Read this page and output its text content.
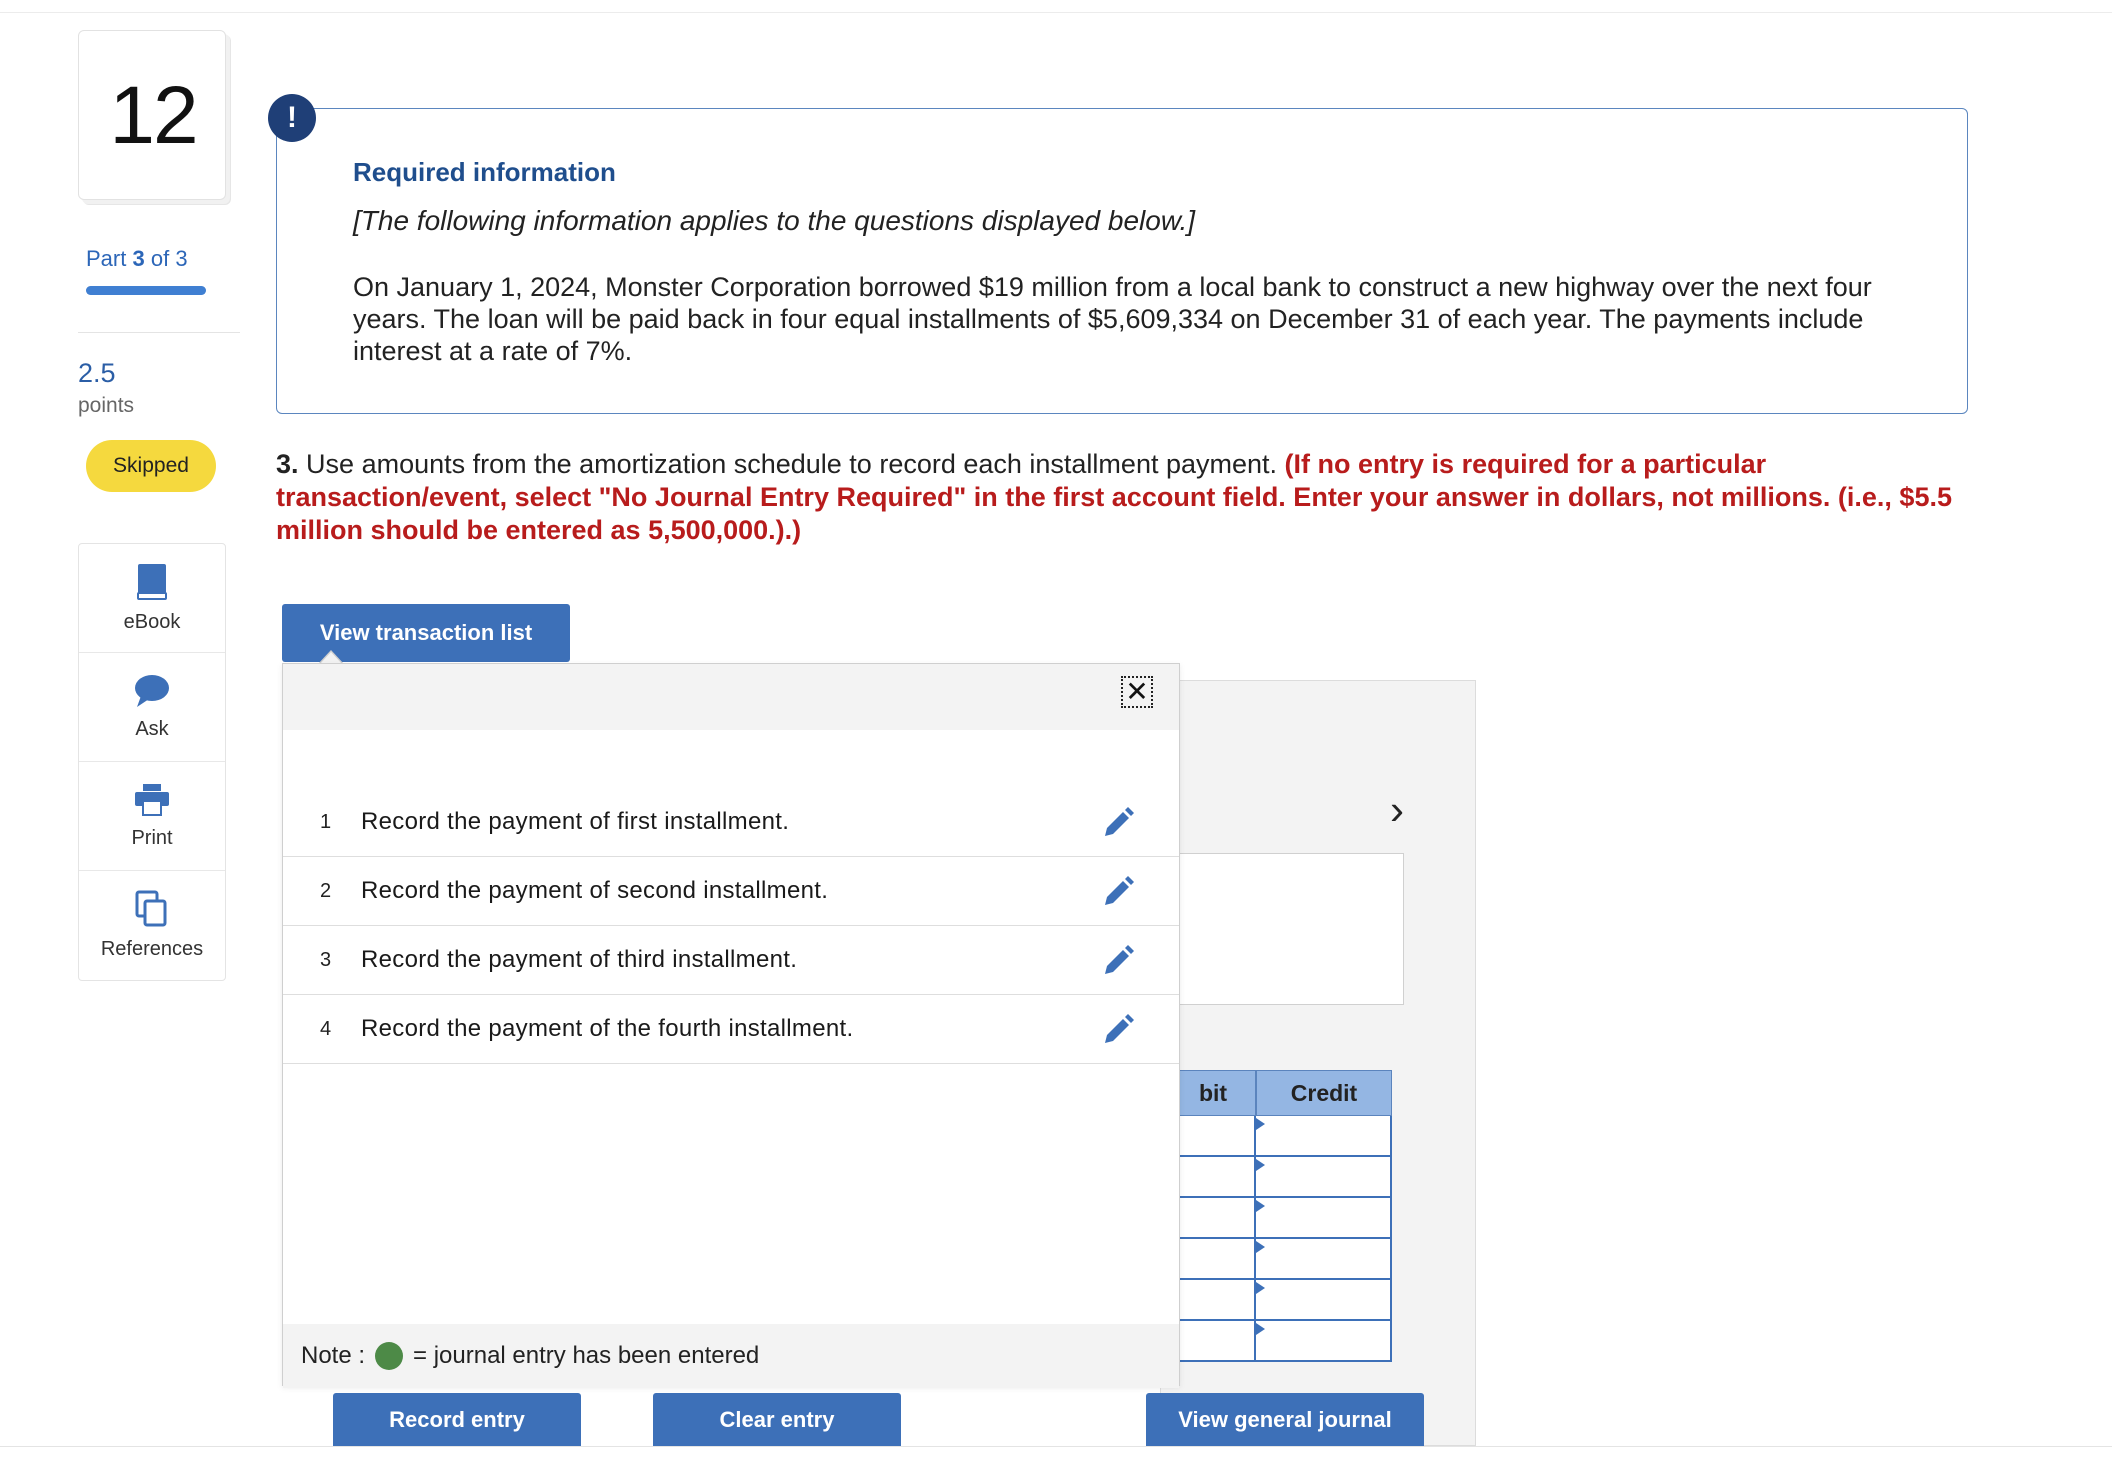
12
Part 3 of 3
2.5
points
Skipped
eBook
Ask
Print
References
!
Required information
[The following information applies to the questions displayed below.]
On January 1, 2024, Monster Corporation borrowed $19 million from a local bank to construct a new highway over the next four years. The loan will be paid back in four equal installments of $5,609,334 on December 31 of each year. The payments include interest at a rate of 7%.
3. Use amounts from the amortization schedule to record each installment payment. (If no entry is required for a particular transaction/event, select "No Journal Entry Required" in the first account field. Enter your answer in dollars, not millions. (i.e., $5.5 million should be entered as 5,500,000.).)
›
bit	Credit
View general journal
View transaction list
✕
1 Record the payment of first installment.
2 Record the payment of second installment.
3 Record the payment of third installment.
4 Record the payment of the fourth installment.
Note : = journal entry has been entered
Record entry	Clear entry
